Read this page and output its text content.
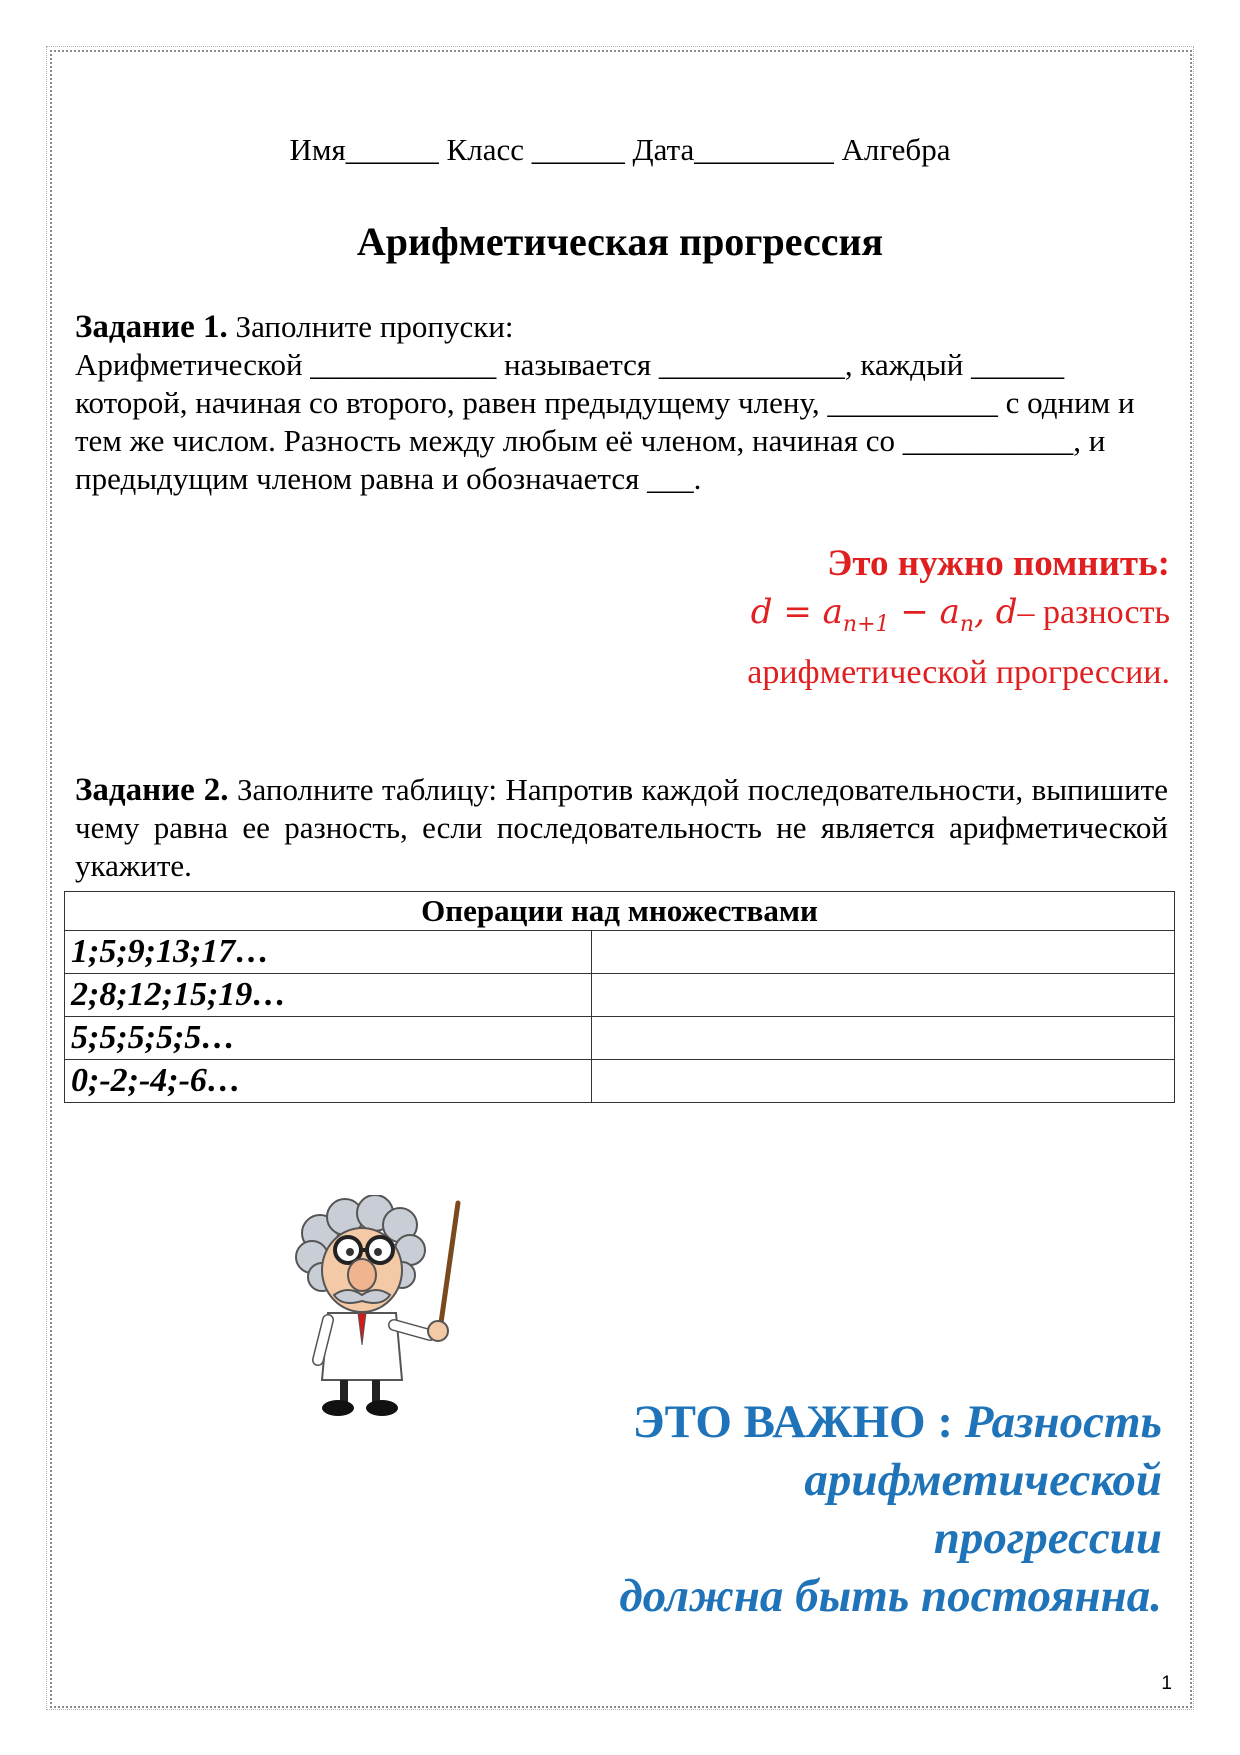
Имя______ Класс ______ Дата_________ Алгебра
Арифметическая прогрессия
Задание 1. Заполните пропуски:
Арифметической ____________ называется ____________, каждый ______ которой, начиная со второго, равен предыдущему члену, ___________ с одним и тем же числом. Разность между любым её членом, начиная со ___________, и предыдущим членом равна и обозначается ___.
Это нужно помнить:
$d = a_{n+1} - a_n$, d– разность
арифметической прогрессии.
Задание 2. Заполните таблицу: Напротив каждой последовательности, выпишите чему равна ее разность, если последовательность не является арифметической укажите.
Операции над множествами	
1;5;9;13;17…	
2;8;12;15;19…	
5;5;5;5;5…	
0;-2;-4;-6…	
ЭТО ВАЖНО : Разность
арифметической
прогрессии
должна быть постоянна.
1
